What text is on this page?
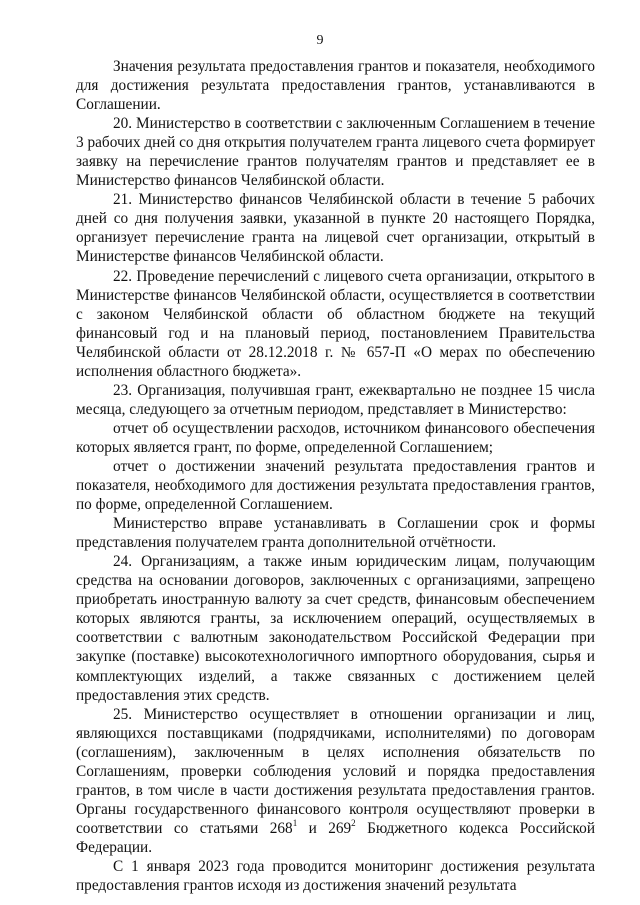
9

Значения результата предоставления грантов и показателя, необходимого для достижения результата предоставления грантов, устанавливаются в Соглашении.

20. Министерство в соответствии с заключенным Соглашением в течение 3 рабочих дней со дня открытия получателем гранта лицевого счета формирует заявку на перечисление грантов получателям грантов и представляет ее в Министерство финансов Челябинской области.

21. Министерство финансов Челябинской области в течение 5 рабочих дней со дня получения заявки, указанной в пункте 20 настоящего Порядка, организует перечисление гранта на лицевой счет организации, открытый в Министерстве финансов Челябинской области.

22. Проведение перечислений с лицевого счета организации, открытого в Министерстве финансов Челябинской области, осуществляется в соответствии с законом Челябинской области об областном бюджете на текущий финансовый год и на плановый период, постановлением Правительства Челябинской области от 28.12.2018 г. № 657-П «О мерах по обеспечению исполнения областного бюджета».

23. Организация, получившая грант, ежеквартально не позднее 15 числа месяца, следующего за отчетным периодом, представляет в Министерство:

отчет об осуществлении расходов, источником финансового обеспечения которых является грант, по форме, определенной Соглашением;

отчет о достижении значений результата предоставления грантов и показателя, необходимого для достижения результата предоставления грантов, по форме, определенной Соглашением.

Министерство вправе устанавливать в Соглашении срок и формы представления получателем гранта дополнительной отчётности.

24. Организациям, а также иным юридическим лицам, получающим средства на основании договоров, заключенных с организациями, запрещено приобретать иностранную валюту за счет средств, финансовым обеспечением которых являются гранты, за исключением операций, осуществляемых в соответствии с валютным законодательством Российской Федерации при закупке (поставке) высокотехнологичного импортного оборудования, сырья и комплектующих изделий, а также связанных с достижением целей предоставления этих средств.

25. Министерство осуществляет в отношении организации и лиц, являющихся поставщиками (подрядчиками, исполнителями) по договорам (соглашениям), заключенным в целях исполнения обязательств по Соглашениям, проверки соблюдения условий и порядка предоставления грантов, в том числе в части достижения результата предоставления грантов. Органы государственного финансового контроля осуществляют проверки в соответствии со статьями $268^1$ и $269^2$ Бюджетного кодекса Российской Федерации.

С 1 января 2023 года проводится мониторинг достижения результата предоставления грантов исходя из достижения значений результата
